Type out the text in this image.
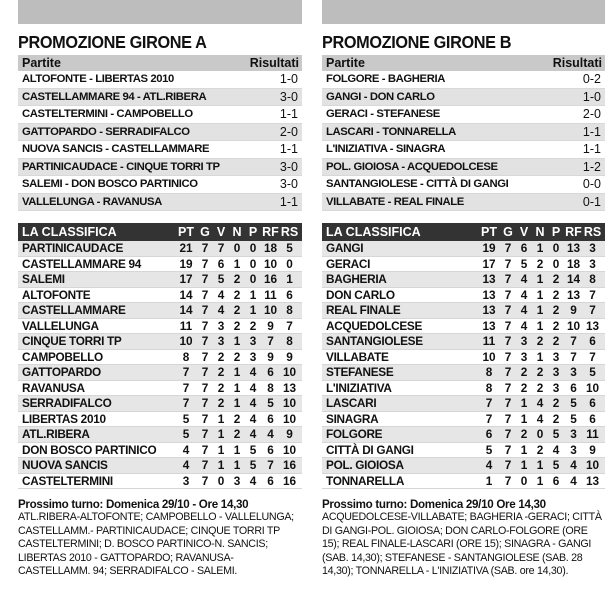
PROMOZIONE GIRONE A
Partite	Risultati
ALTOFONTE - LIBERTAS 2010	1-0
CASTELLAMMARE 94 - ATL.RIBERA	3-0
CASTELTERMINI - CAMPOBELLO	1-1
GATTOPARDO - SERRADIFALCO	2-0
NUOVA SANCIS - CASTELLAMMARE	1-1
PARTINICAUDACE - CINQUE TORRI TP	3-0
SALEMI - DON BOSCO PARTINICO	3-0
VALLELUNGA - RAVANUSA	1-1
LA CLASSIFICA	PT G V N P RF RS
PARTINICAUDACE	21 7 7 0 0 18 5
CASTELLAMMARE 94	19 7 6 1 0 10 0
SALEMI	17 7 5 2 0 16 1
ALTOFONTE	14 7 4 2 1 11 6
CASTELLAMMARE	14 7 4 2 1 10 8
VALLELUNGA	11 7 3 2 2 9	7
CINQUE TORRI TP	10 7 3 1 3 7	8
CAMPOBELLO	8	7 2 2 3 9	9
GATTOPARDO	7	7 2 1 4 6 10
RAVANUSA	7	7 2 1 4 8 13
SERRADIFALCO	7	7 2 1 4 5 10
LIBERTAS 2010	5	7 1 2 4 6 10
ATL.RIBERA	5	7 1 2 4 4	9
DON BOSCO PARTINICO	4	7 1 1 5 6 10
NUOVA SANCIS	4	7 1 1 5 7 16
CASTELTERMINI	3	7 0 3 4 6 16
Prossimo turno: Domenica 29/10 - Ore 14,30
ATL.RIBERA-ALTOFONTE; CAMPOBELLO - VALLELUNGA; CASTELLAMM.- PARTINICAUDACE; CINQUE TORRI TP CASTELTERMINI; D. BOSCO PARTINICO-N. SANCIS; LIBERTAS 2010 - GATTOPARDO; RAVANUSA-CASTELLAMM. 94; SERRADIFALCO - SALEMI.
PROMOZIONE GIRONE B
Partite	Risultati
FOLGORE - BAGHERIA	0-2
GANGI - DON CARLO	1-0
GERACI - STEFANESE	2-0
LASCARI - TONNARELLA	1-1
L'INIZIATIVA - SINAGRA	1-1
POL. GIOIOSA - ACQUEDOLCESE	1-2
SANTANGIOLESE - CITTÀ DI GANGI	0-0
VILLABATE - REAL FINALE	0-1
LA CLASSIFICA	PT G V N P RF RS
GANGI	19 7 6 1 0 13 3
GERACI	17 7 5 2 0 18 3
BAGHERIA	13 7 4 1 2 14 8
DON CARLO	13 7 4 1 2 13 7
REAL FINALE	13 7 4 1 2 9	7
ACQUEDOLCESE	13 7 4 1 2 10 13
SANTANGIOLESE	11 7 3 2 2 7	6
VILLABATE	10 7 3 1 3 7	7
STEFANESE	8	7 2 2 3 3	5
L'INIZIATIVA	8	7 2 2 3 6 10
LASCARI	7	7 1 4 2 5	6
SINAGRA	7	7 1 4 2 5	6
FOLGORE	6	7 2 0 5 3 11
CITTÀ DI GANGI	5	7 1 2 4 3	9
POL. GIOIOSA	4	7 1 1 5 4 10
TONNARELLA	1	7 0 1 6 4 13
Prossimo turno: Domenica 29/10 Ore 14,30
ACQUEDOLCESE-VILLABATE; BAGHERIA -GERACI; CITTÀ DI GANGI-POL. GIOIOSA; DON CARLO-FOLGORE (ORE 15); REAL FINALE-LASCARI (ORE 15); SINAGRA - GANGI (SAB. 14,30); STEFANESE - SANTANGIOLESE (SAB. 28 14,30); TONNARELLA - L'INIZIATIVA (SAB. ore 14,30).
